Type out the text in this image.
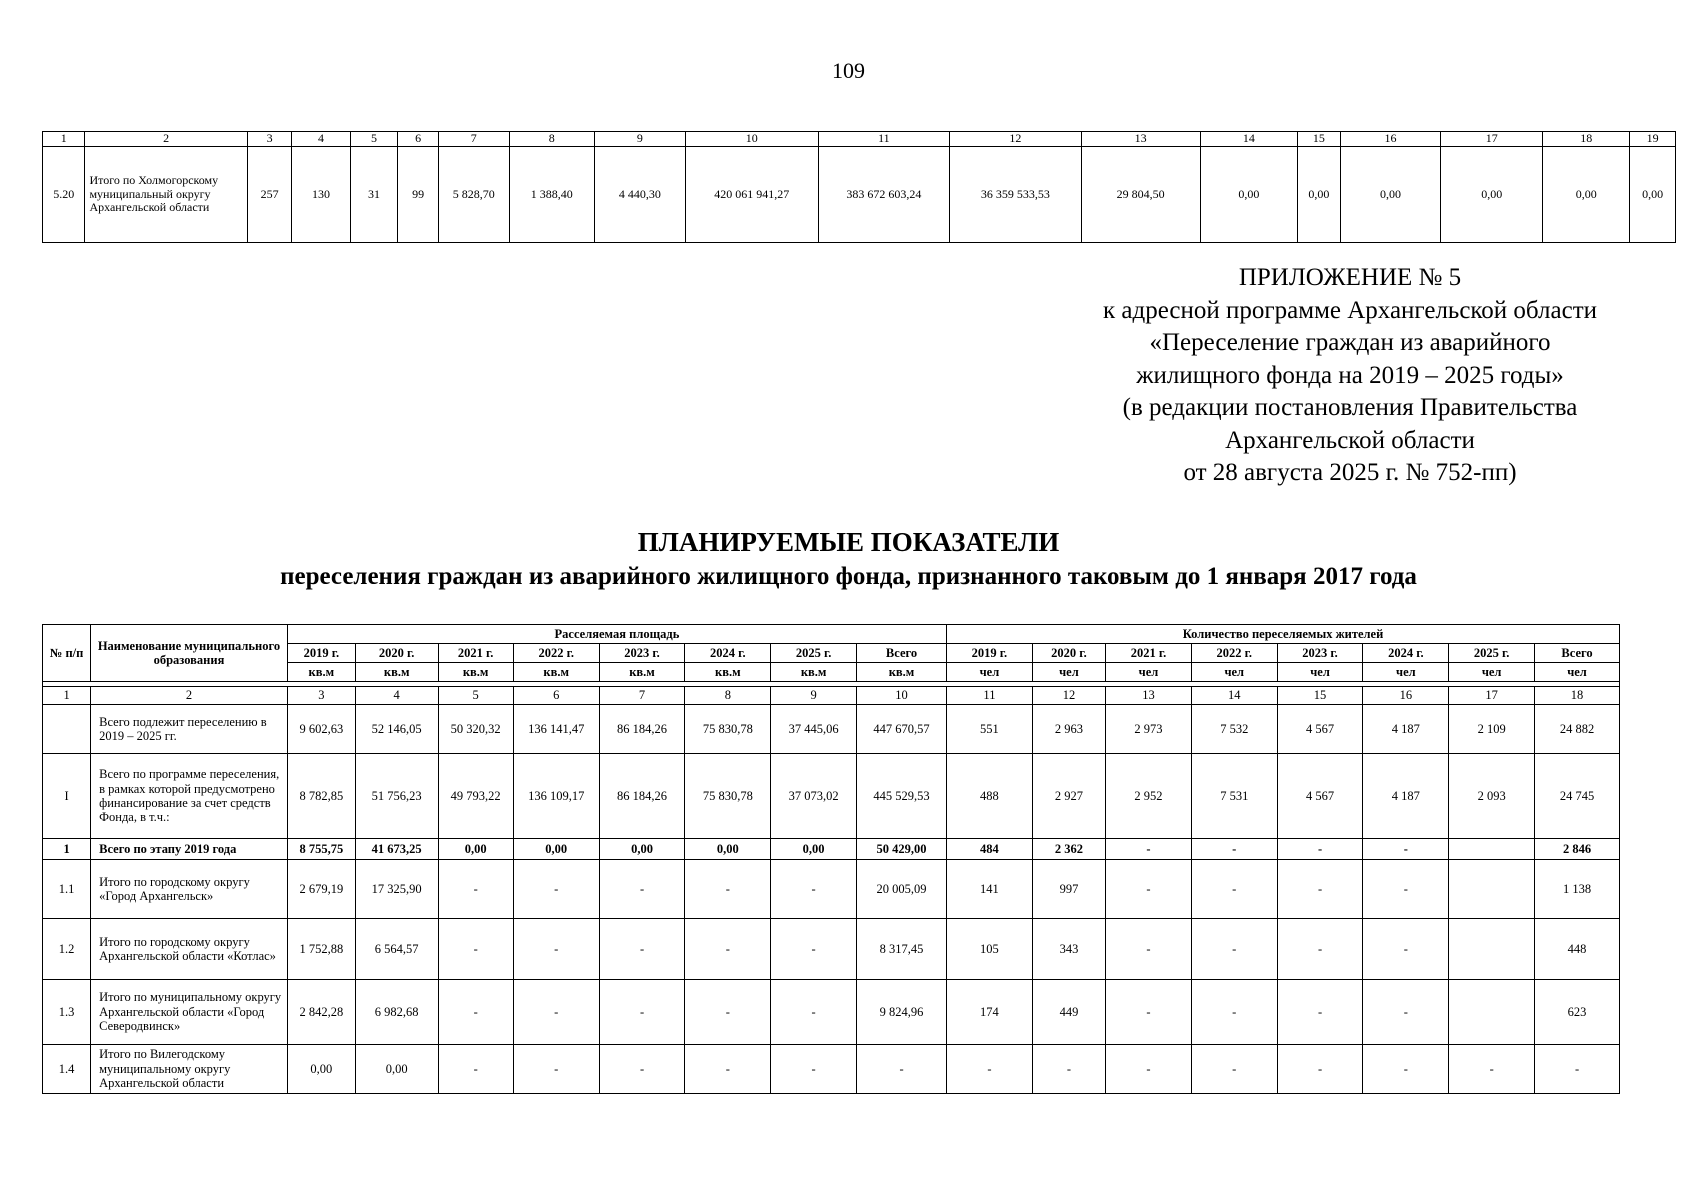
109
1	2	3	4	5	6	7	8	9	10	11	12	13	14	15	16	17	18	19
5.20	Итого по Холмогорскому муниципальный округу Архангельской области	257	130	31	99	5 828,70	1 388,40	4 440,30	420 061 941,27	383 672 603,24	36 359 533,53	29 804,50	0,00	0,00	0,00	0,00	0,00	0,00
ПРИЛОЖЕНИЕ № 5
к адресной программе Архангельской области
«Переселение граждан из аварийного
жилищного фонда на 2019 – 2025 годы»
(в редакции постановления Правительства
Архангельской области
от 28 августа 2025 г. № 752-пп)
ПЛАНИРУЕМЫЕ ПОКАЗАТЕЛИ
переселения граждан из аварийного жилищного фонда, признанного таковым до 1 января 2017 года
№ п/п	Наименование муниципального образования	Расселяемая площадь								Количество переселяемых жителей							
		2019 г.	2020 г.	2021 г.	2022 г.	2023 г.	2024 г.	2025 г.	Всего	2019 г.	2020 г.	2021 г.	2022 г.	2023 г.	2024 г.	2025 г.	Всего
		кв.м	кв.м	кв.м	кв.м	кв.м	кв.м	кв.м	кв.м	чел	чел	чел	чел	чел	чел	чел	чел

1	2	3	4	5	6	7	8	9	10	11	12	13	14	15	16	17	18
	Всего подлежит переселению в 2019 – 2025 гг.	9 602,63	52 146,05	50 320,32	136 141,47	86 184,26	75 830,78	37 445,06	447 670,57	551	2 963	2 973	7 532	4 567	4 187	2 109	24 882
I	Всего по программе переселения, в рамках которой предусмотрено финансирование за счет средств Фонда, в т.ч.:	8 782,85	51 756,23	49 793,22	136 109,17	86 184,26	75 830,78	37 073,02	445 529,53	488	2 927	2 952	7 531	4 567	4 187	2 093	24 745
1	Всего по этапу 2019 года	8 755,75	41 673,25	0,00	0,00	0,00	0,00	0,00	50 429,00	484	2 362	-	-	-	-		2 846
1.1	Итого по городскому округу «Город Архангельск»	2 679,19	17 325,90	-	-	-	-	-	20 005,09	141	997	-	-	-	-		1 138
1.2	Итого по городскому округу Архангельской области «Котлас»	1 752,88	6 564,57	-	-	-	-	-	8 317,45	105	343	-	-	-	-		448
1.3	Итого по муниципальному округу Архангельской области «Город Северодвинск»	2 842,28	6 982,68	-	-	-	-	-	9 824,96	174	449	-	-	-	-		623
1.4	Итого по Вилегодскому муниципальному округу Архангельской области	0,00	0,00	-	-	-	-	-	-	-	-	-	-	-	-	-	-
